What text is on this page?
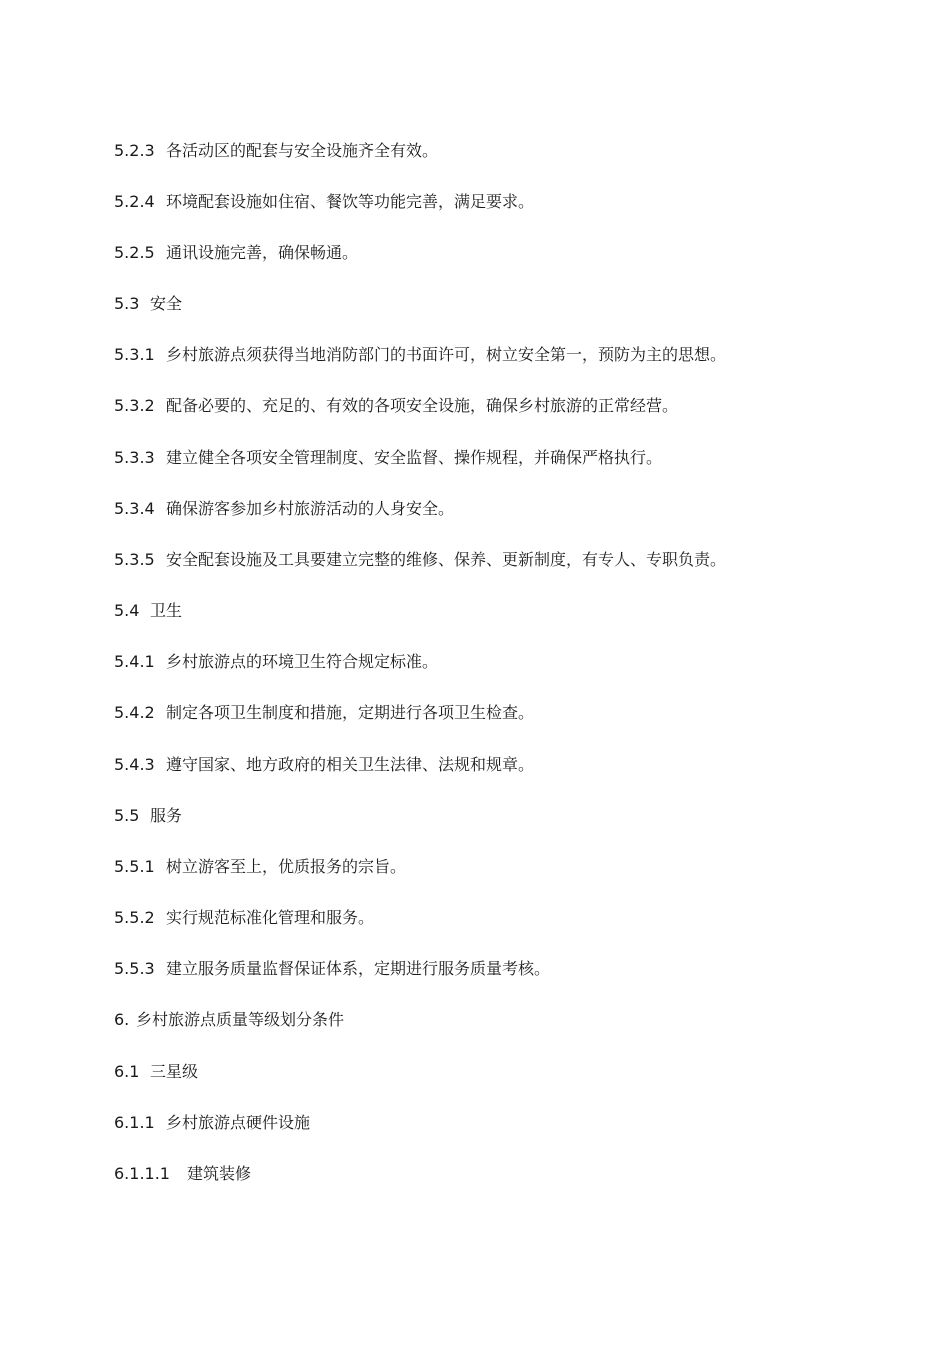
5.2.3 各活动区的配套与安全设施齐全有效。
5.2.4 环境配套设施如住宿、餐饮等功能完善，满足要求。
5.2.5 通讯设施完善，确保畅通。
5.3 安全
5.3.1 乡村旅游点须获得当地消防部门的书面许可，树立安全第一，预防为主的思想。
5.3.2 配备必要的、充足的、有效的各项安全设施，确保乡村旅游的正常经营。
5.3.3 建立健全各项安全管理制度、安全监督、操作规程，并确保严格执行。
5.3.4 确保游客参加乡村旅游活动的人身安全。
5.3.5 安全配套设施及工具要建立完整的维修、保养、更新制度，有专人、专职负责。
5.4 卫生
5.4.1 乡村旅游点的环境卫生符合规定标准。
5.4.2 制定各项卫生制度和措施，定期进行各项卫生检查。
5.4.3 遵守国家、地方政府的相关卫生法律、法规和规章。
5.5 服务
5.5.1 树立游客至上，优质报务的宗旨。
5.5.2 实行规范标准化管理和服务。
5.5.3 建立服务质量监督保证体系，定期进行服务质量考核。
6. 乡村旅游点质量等级划分条件
6.1 三星级
6.1.1 乡村旅游点硬件设施
6.1.1.1 建筑装修
